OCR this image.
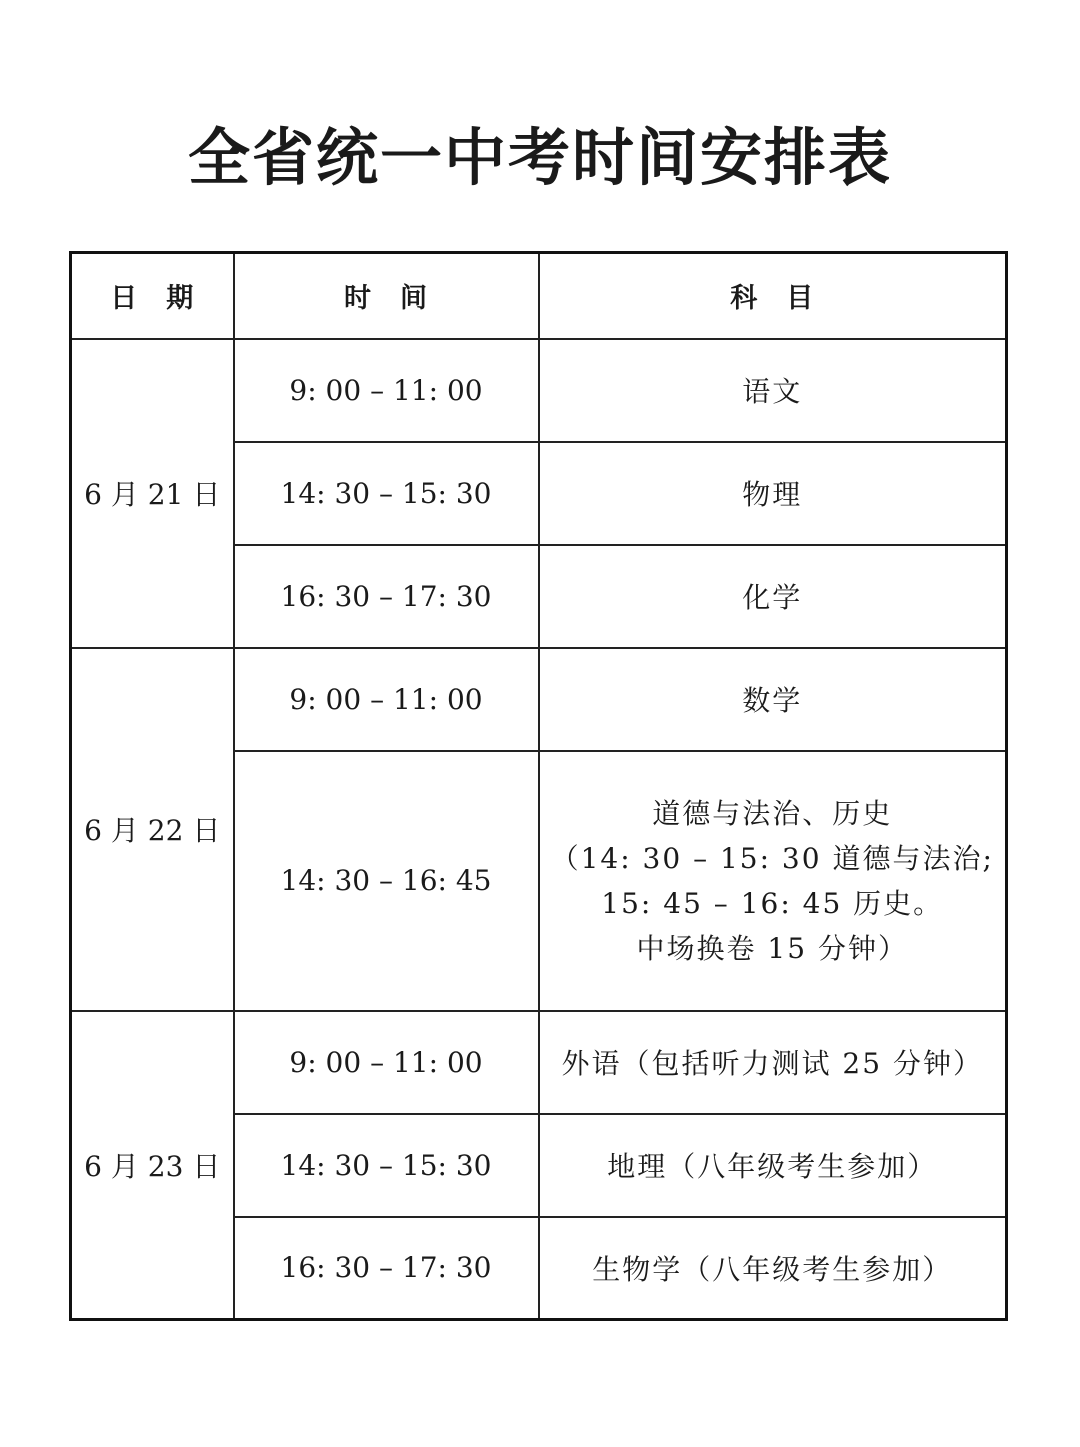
全省统一中考时间安排表
日　期	时　间	科　目
6 月 21 日	9: 00 – 11: 00	语文
	14: 30 – 15: 30	物理
	16: 30 – 17: 30	化学
6 月 22 日	9: 00 – 11: 00	数学
	14: 30 – 16: 45	道德与法治、历史
（14: 30 – 15: 30 道德与法治;
15: 45 – 16: 45 历史。
中场换卷 15 分钟）

6 月 23 日	9: 00 – 11: 00	外语（包括听力测试 25 分钟）
	14: 30 – 15: 30	地理（八年级考生参加）
	16: 30 – 17: 30	生物学（八年级考生参加）
